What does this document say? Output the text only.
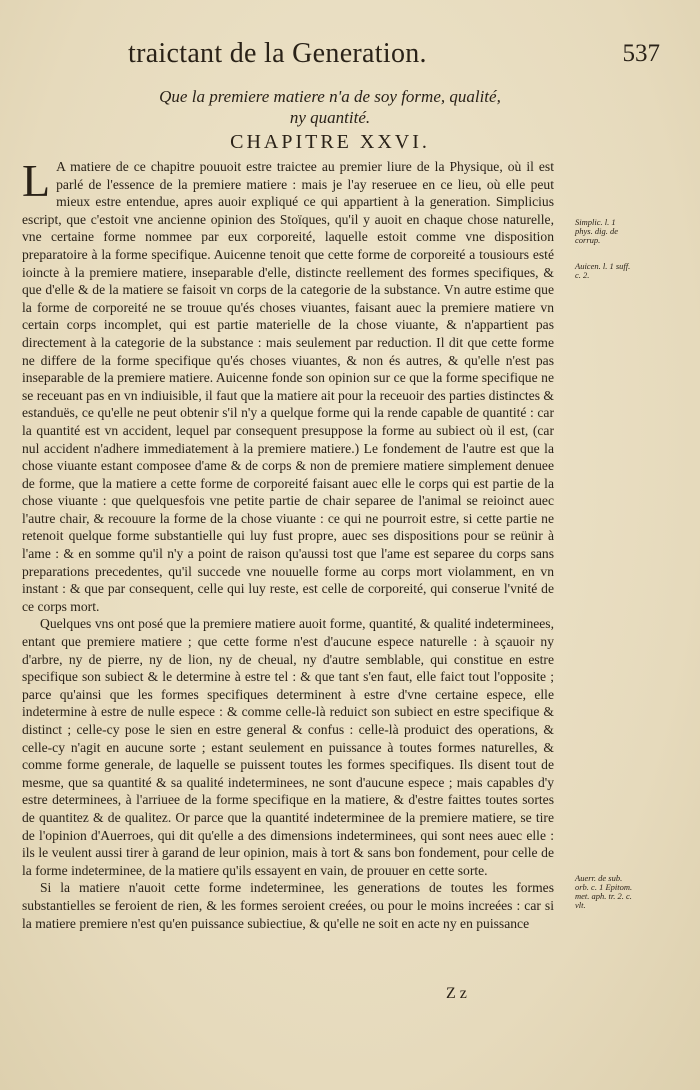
traictant de la Generation.	537
Que la premiere matiere n'a de soy forme, qualité,
ny quantité.
CHAPITRE XXVI.

L A matiere de ce chapitre pouuoit estre traictee au premier liure de la Physique, où il est parlé de l'essence de la premiere matiere : mais je l'ay reseruee en ce lieu, où elle peut mieux estre entendue, apres auoir expliqué ce qui appartient à la generation. Simplicius escript, que c'estoit vne ancienne opinion des Stoïques, qu'il y auoit en chaque chose naturelle, vne certaine forme nommee par eux corporeité, laquelle estoit comme vne disposition preparatoire à la forme specifique. Auicenne tenoit que cette forme de corporeité a tousiours esté ioincte à la premiere matiere, inseparable d'elle, distincte reellement des formes specifiques, & que d'elle & de la matiere se faisoit vn corps de la categorie de la substance. Vn autre estime que la forme de corporeité ne se trouue qu'és choses viuantes, faisant auec la premiere matiere vn certain corps incomplet, qui est partie materielle de la chose viuante, & n'appartient pas directement à la categorie de la substance : mais seulement par reduction. Il dit que cette forme ne differe de la forme specifique qu'és choses viuantes, & non és autres, & qu'elle n'est pas inseparable de la premiere matiere. Auicenne fonde son opinion sur ce que la forme specifique ne se receuant pas en vn indiuisible, il faut que la matiere ait pour la receuoir des parties distinctes & estanduës, ce qu'elle ne peut obtenir s'il n'y a quelque forme qui la rende capable de quantité : car la quantité est vn accident, lequel par consequent presuppose la forme au subiect où il est, (car nul accident n'adhere immediatement à la premiere matiere.) Le fondement de l'autre est que la chose viuante estant composee d'ame & de corps & non de premiere matiere simplement denuee de forme, que la matiere a cette forme de corporeité faisant auec elle le corps qui est partie de la chose viuante : que quelquesfois vne petite partie de chair separee de l'animal se reioinct auec l'autre chair, & recouure la forme de la chose viuante : ce qui ne pourroit estre, si cette partie ne retenoit quelque forme substantielle qui luy fust propre, auec ses dispositions pour se reünir à l'ame : & en somme qu'il n'y a point de raison qu'aussi tost que l'ame est separee du corps sans preparations precedentes, qu'il succede vne nouuelle forme au corps mort violamment, en vn instant : & que par consequent, celle qui luy reste, est celle de corporeité, qui conserue l'vnité de ce corps mort.

Quelques vns ont posé que la premiere matiere auoit forme, quantité, & qualité indeterminees, entant que premiere matiere ; que cette forme n'est d'aucune espece naturelle : à sçauoir ny d'arbre, ny de pierre, ny de lion, ny de cheual, ny d'autre semblable, qui constitue en estre specifique son subiect & le determine à estre tel : & que tant s'en faut, elle faict tout l'opposite ; parce qu'ainsi que les formes specifiques determinent à estre d'vne certaine espece, elle indetermine à estre de nulle espece : & comme celle-là reduict son subiect en estre specifique & distinct ; celle-cy pose le sien en estre general & confus : celle-là produict des operations, & celle-cy n'agit en aucune sorte ; estant seulement en puissance à toutes formes naturelles, & comme forme generale, de laquelle se puissent toutes les formes specifiques. Ils disent tout de mesme, que sa quantité & sa qualité indeterminees, ne sont d'aucune espece ; mais capables d'y estre determinees, à l'arriuee de la forme specifique en la matiere, & d'estre faittes toutes sortes de quantitez & de qualitez. Or parce que la quantité indeterminee de la premiere matiere, se tire de l'opinion d'Auerroes, qui dit qu'elle a des dimensions indeterminees, qui sont nees auec elle : ils le veulent aussi tirer à garand de leur opinion, mais à tort & sans bon fondement, pour celle de la forme indeterminee, de la matiere qu'ils essayent en vain, de prouuer en cette sorte.

Si la matiere n'auoit cette forme indeterminee, les generations de toutes les formes substantielles se feroient de rien, & les formes seroient creées, ou pour le moins increées : car si la matiere premiere n'est qu'en puissance subiectiue, & qu'elle ne soit en acte ny en puissance

Simplic. l. 1 phys. dig. de corrup.
Auicen. l. 1 suff. c. 2.
Auerr. de sub. orb. c. 1 Epitom. met. aph. tr. 2. c. vlt.
Z z
